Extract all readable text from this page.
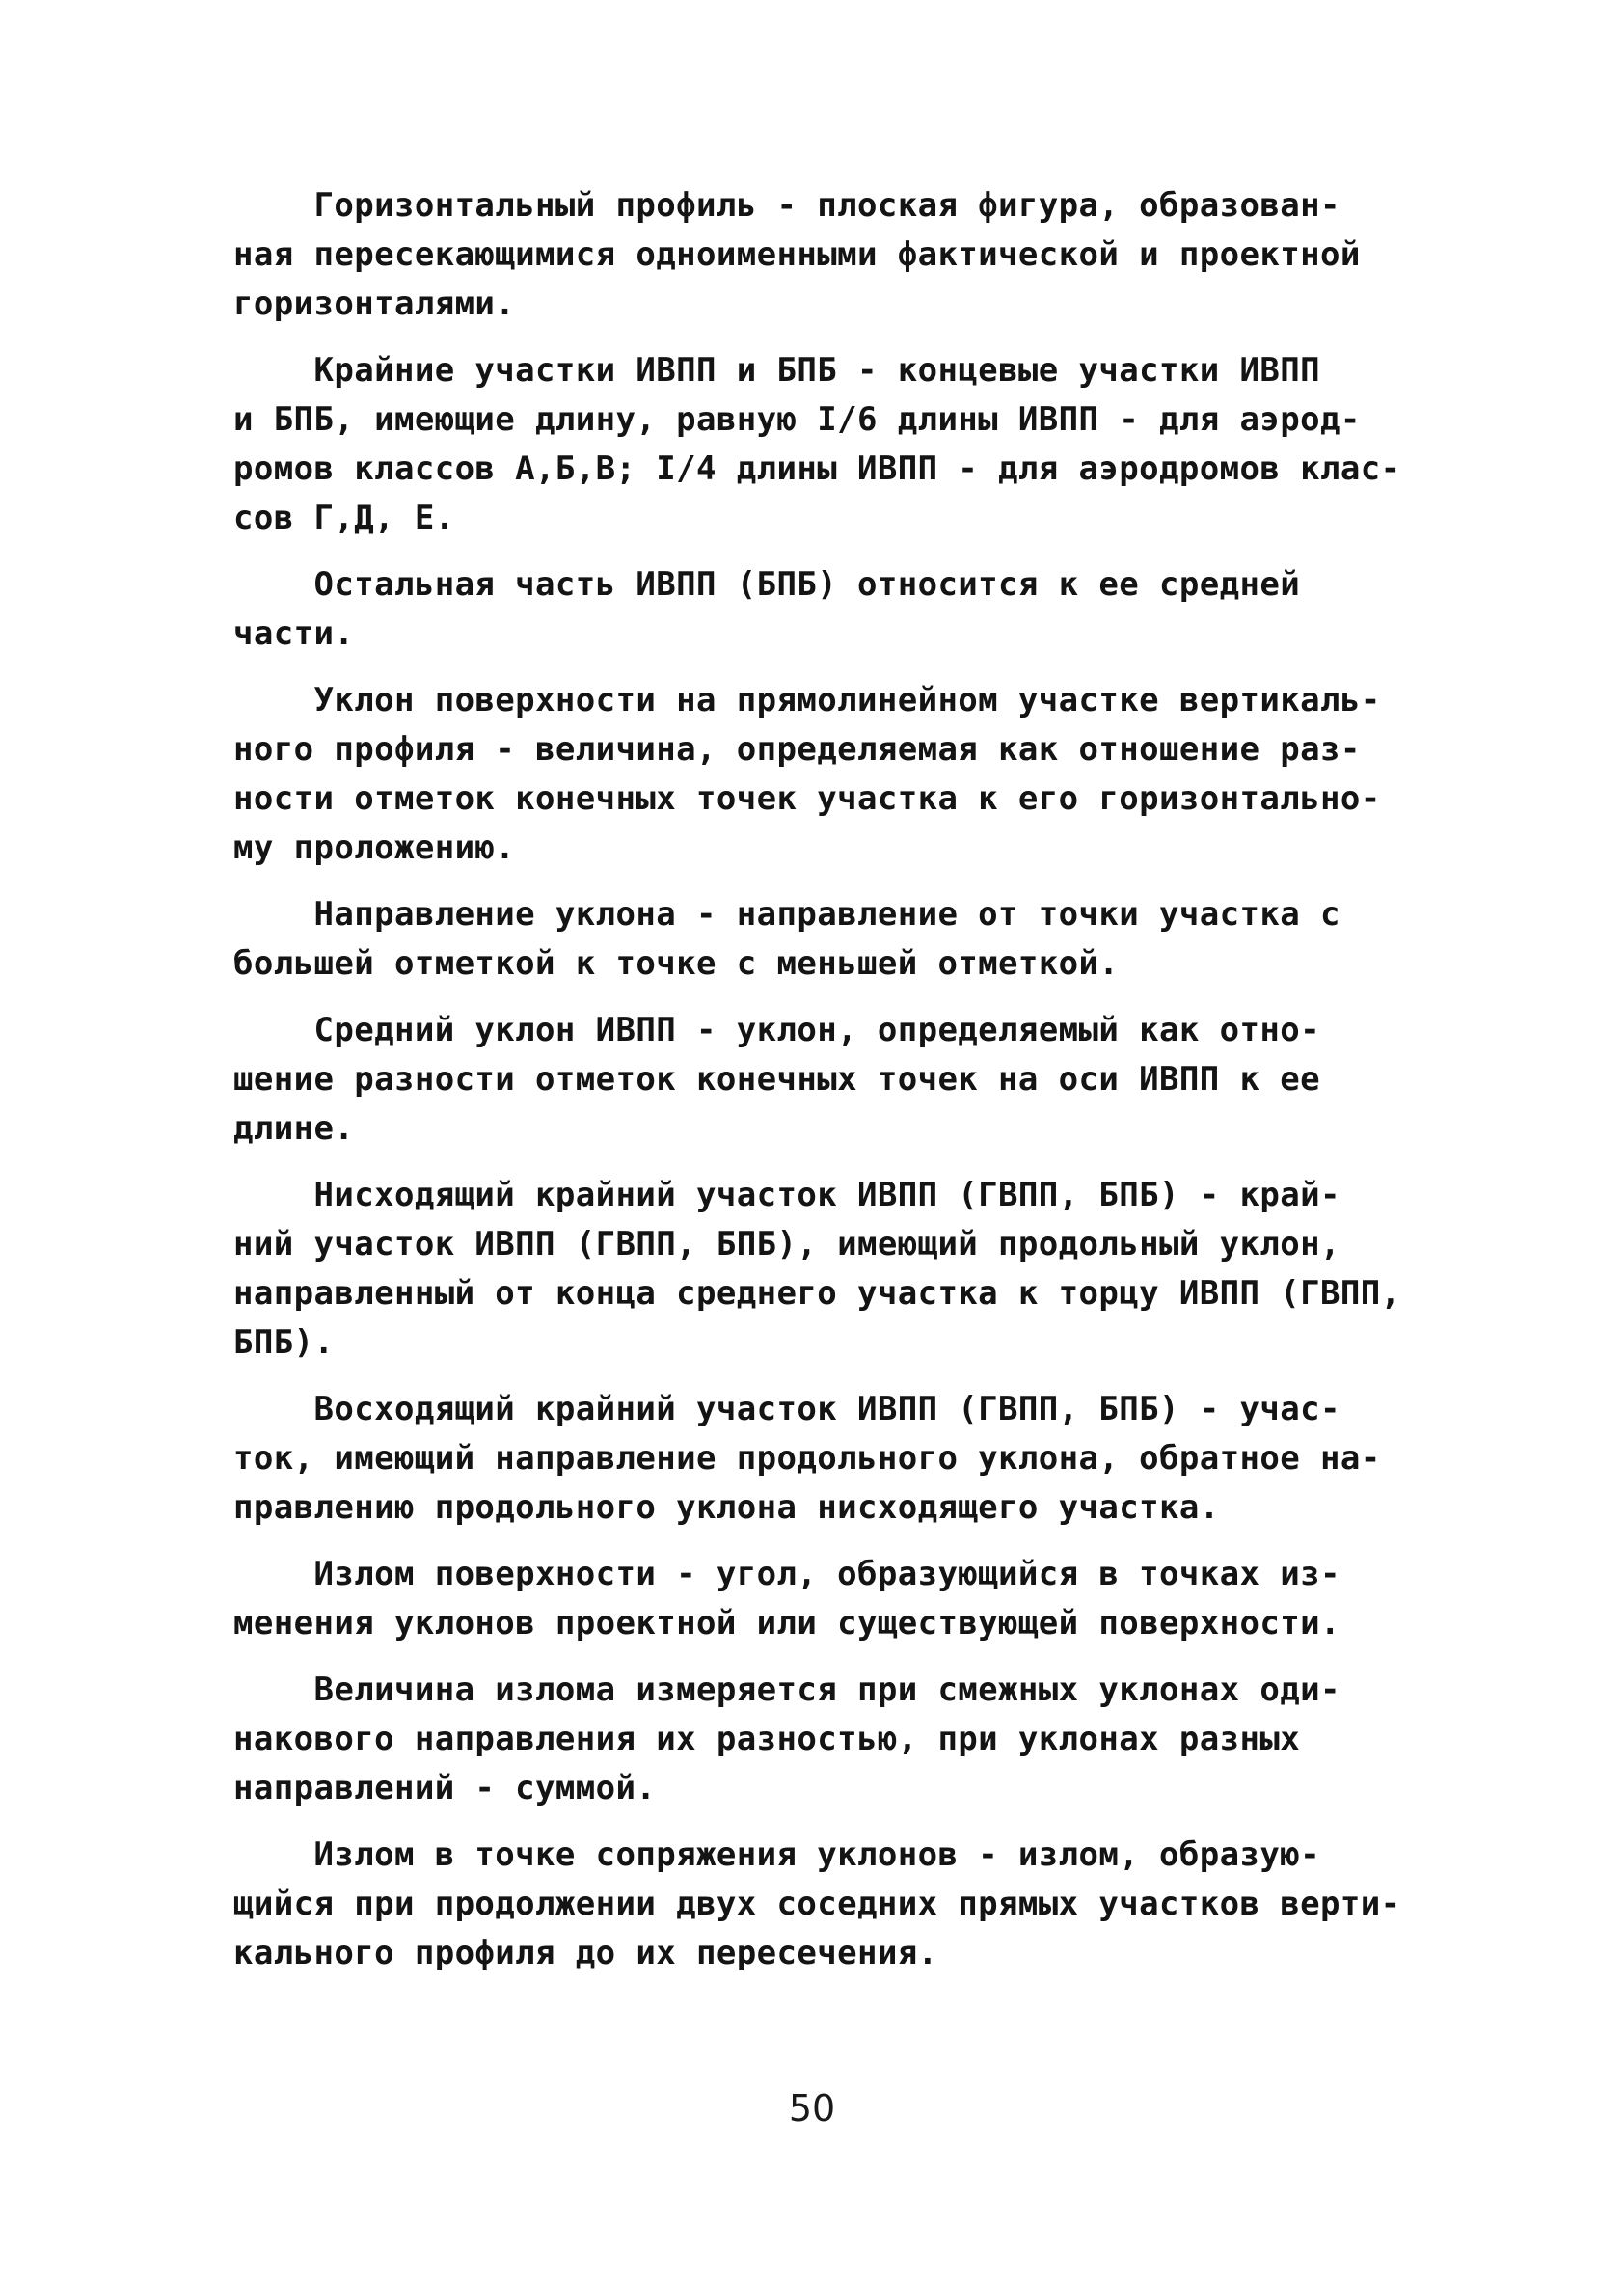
Горизонтальный профиль - плоская фигура, образован-
ная пересекающимися одноименными фактической и проектной
горизонталями.

Крайние участки ИВПП и БПБ - концевые участки ИВПП
и БПБ, имеющие длину, равную I/6 длины ИВПП - для аэрод-
ромов классов А,Б,В; I/4 длины ИВПП - для аэродромов клас-
сов Г,Д, Е.

Остальная часть ИВПП (БПБ) относится к ее средней
части.

Уклон поверхности на прямолинейном участке вертикаль-
ного профиля - величина, определяемая как отношение раз-
ности отметок конечных точек участка к его горизонтально-
му проложению.

Направление уклона - направление от точки участка с
большей отметкой к точке с меньшей отметкой.

Средний уклон ИВПП - уклон, определяемый как отно-
шение разности отметок конечных точек на оси ИВПП к ее
длине.

Нисходящий крайний участок ИВПП (ГВПП, БПБ) - край-
ний участок ИВПП (ГВПП, БПБ), имеющий продольный уклон,
направленный от конца среднего участка к торцу ИВПП (ГВПП,
БПБ).

Восходящий крайний участок ИВПП (ГВПП, БПБ) - учас-
ток, имеющий направление продольного уклона, обратное на-
правлению продольного уклона нисходящего участка.

Излом поверхности - угол, образующийся в точках из-
менения уклонов проектной или существующей поверхности.

Величина излома измеряется при смежных уклонах оди-
накового направления их разностью, при уклонах разных
направлений - суммой.

Излом в точке сопряжения уклонов - излом, образую-
щийся при продолжении двух соседних прямых участков верти-
кального профиля до их пересечения.

50
